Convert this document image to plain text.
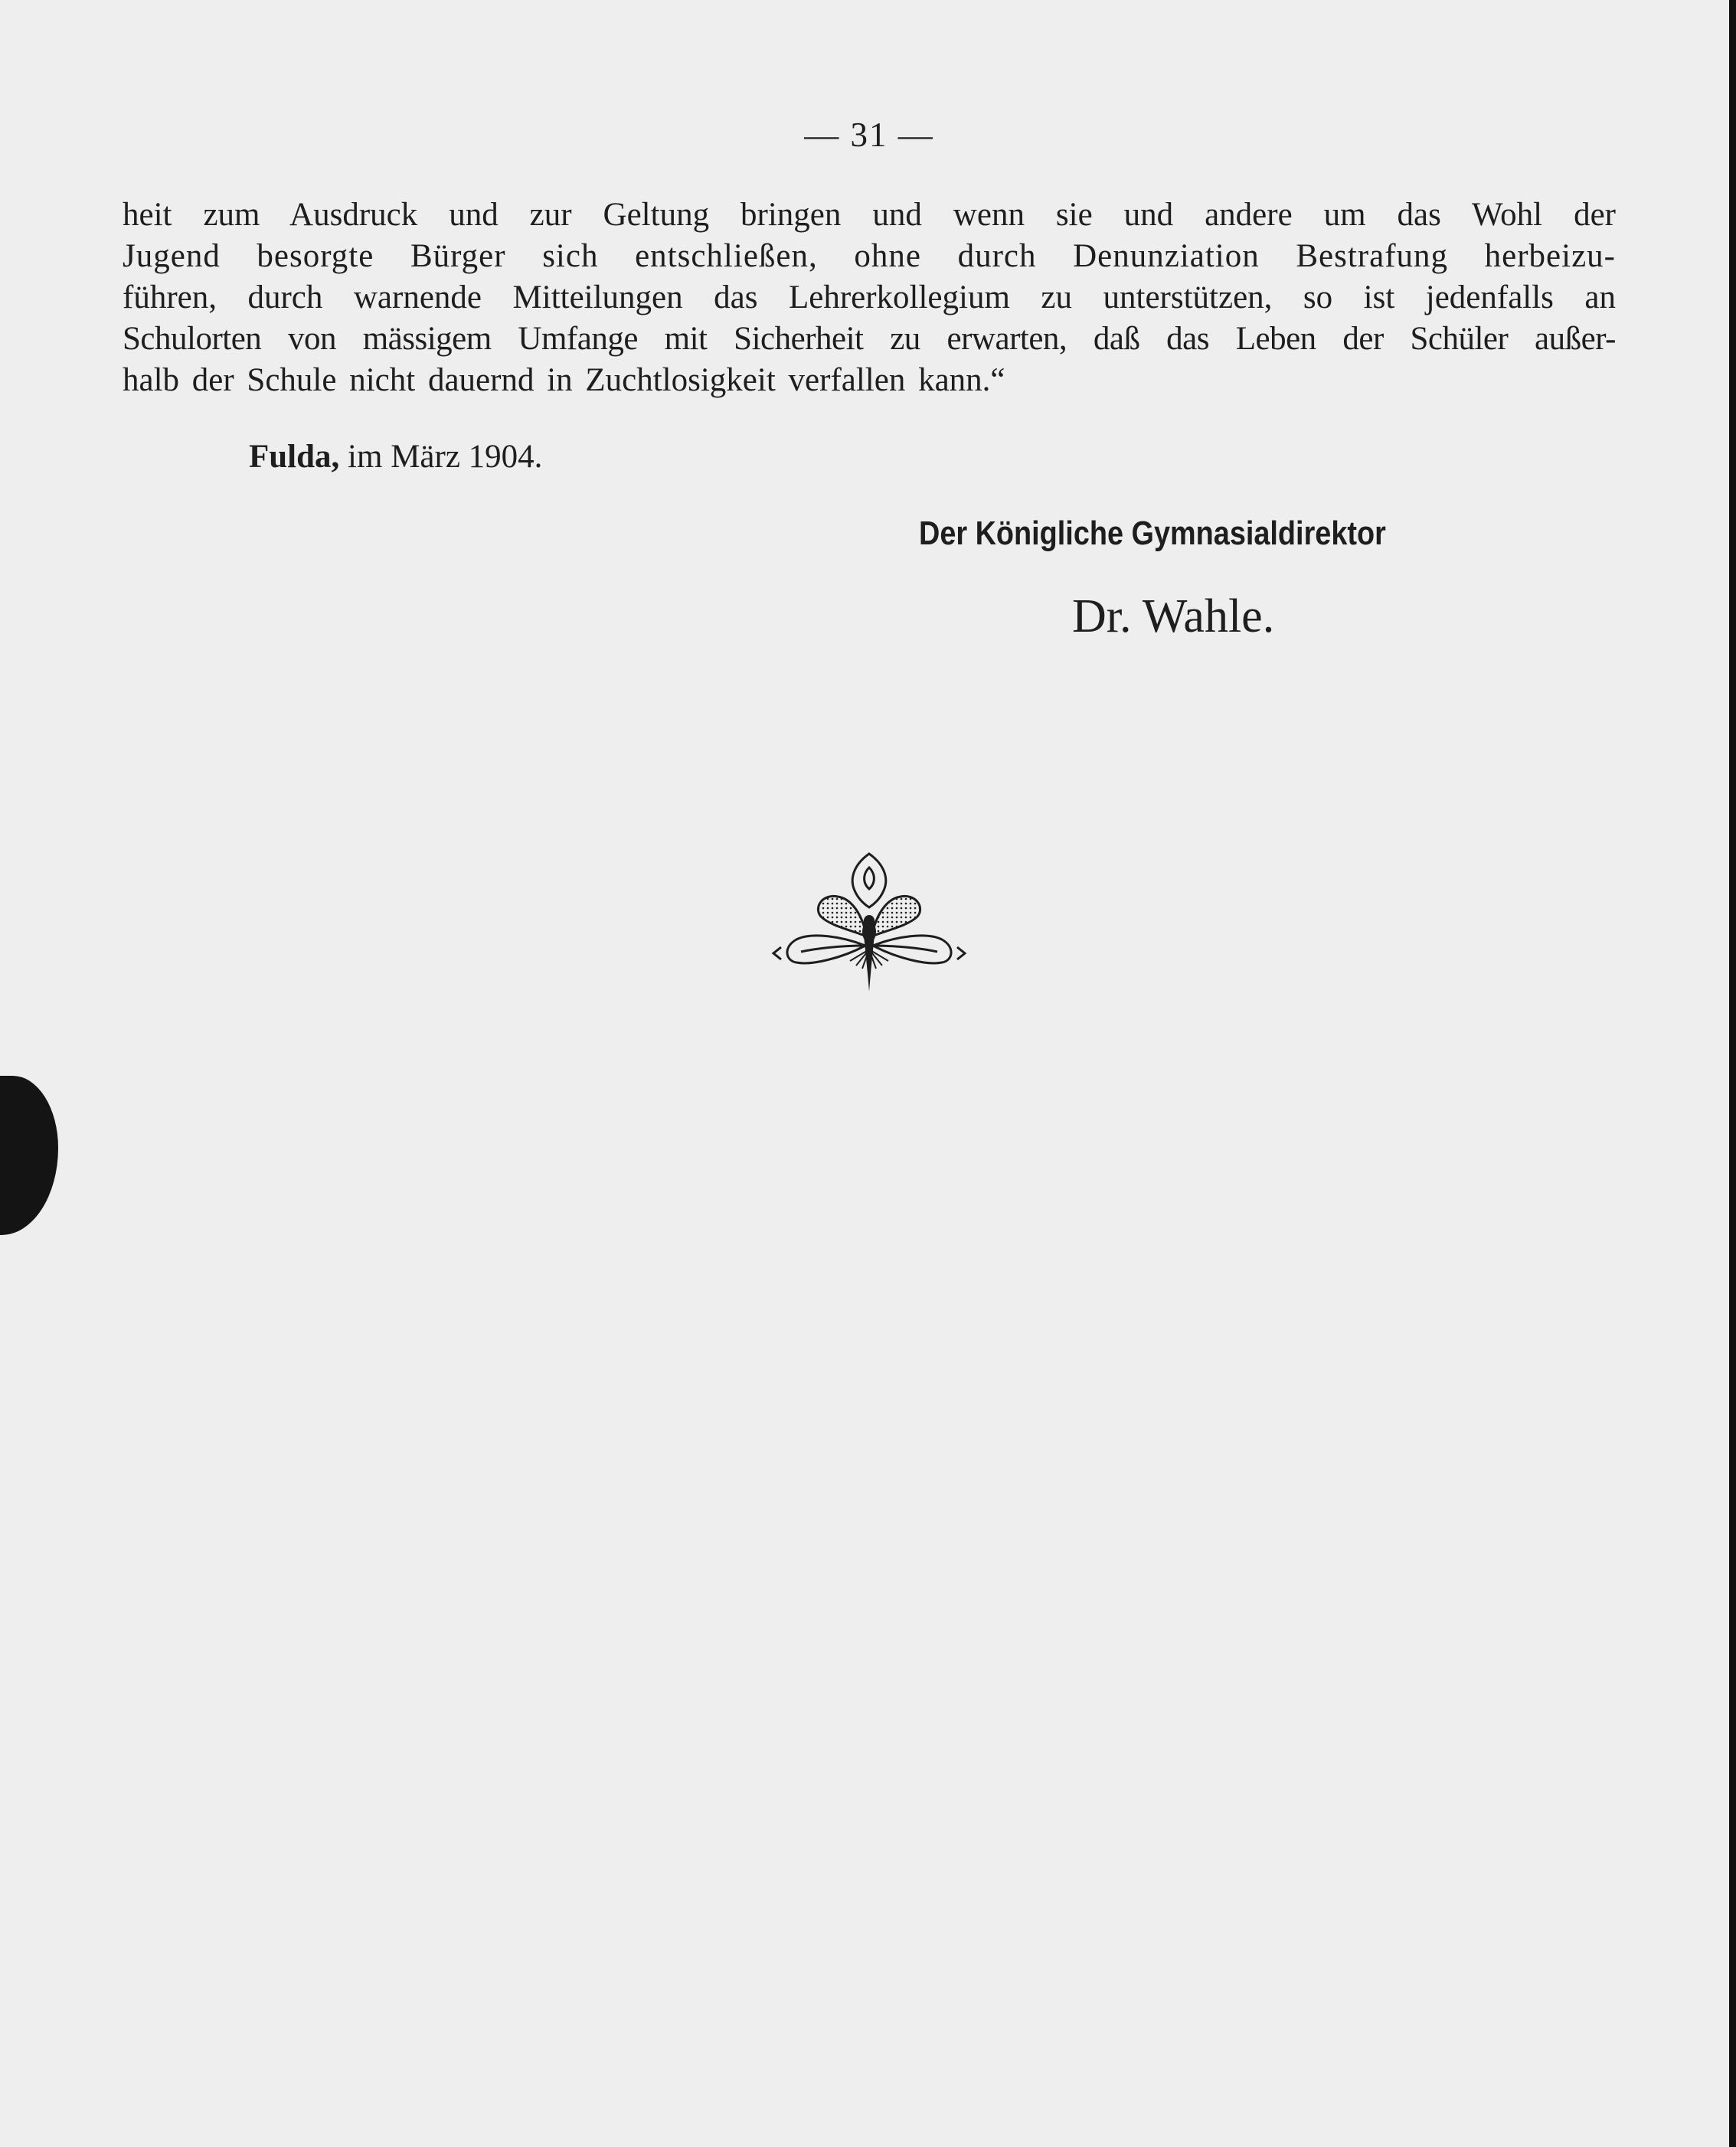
— 31 —
heit zum Ausdruck und zur Geltung bringen und wenn sie und andere um das Wohl der
Jugend besorgte Bürger sich entschließen, ohne durch Denunziation Bestrafung herbeizu-
führen, durch warnende Mitteilungen das Lehrerkollegium zu unterstützen, so ist jedenfalls an
Schulorten von mässigem Umfange mit Sicherheit zu erwarten, daß das Leben der Schüler außer-
halb der Schule nicht dauernd in Zuchtlosigkeit verfallen kann.“
Fulda, im März 1904.
Der Königliche Gymnasialdirektor
Dr. Wahle.
